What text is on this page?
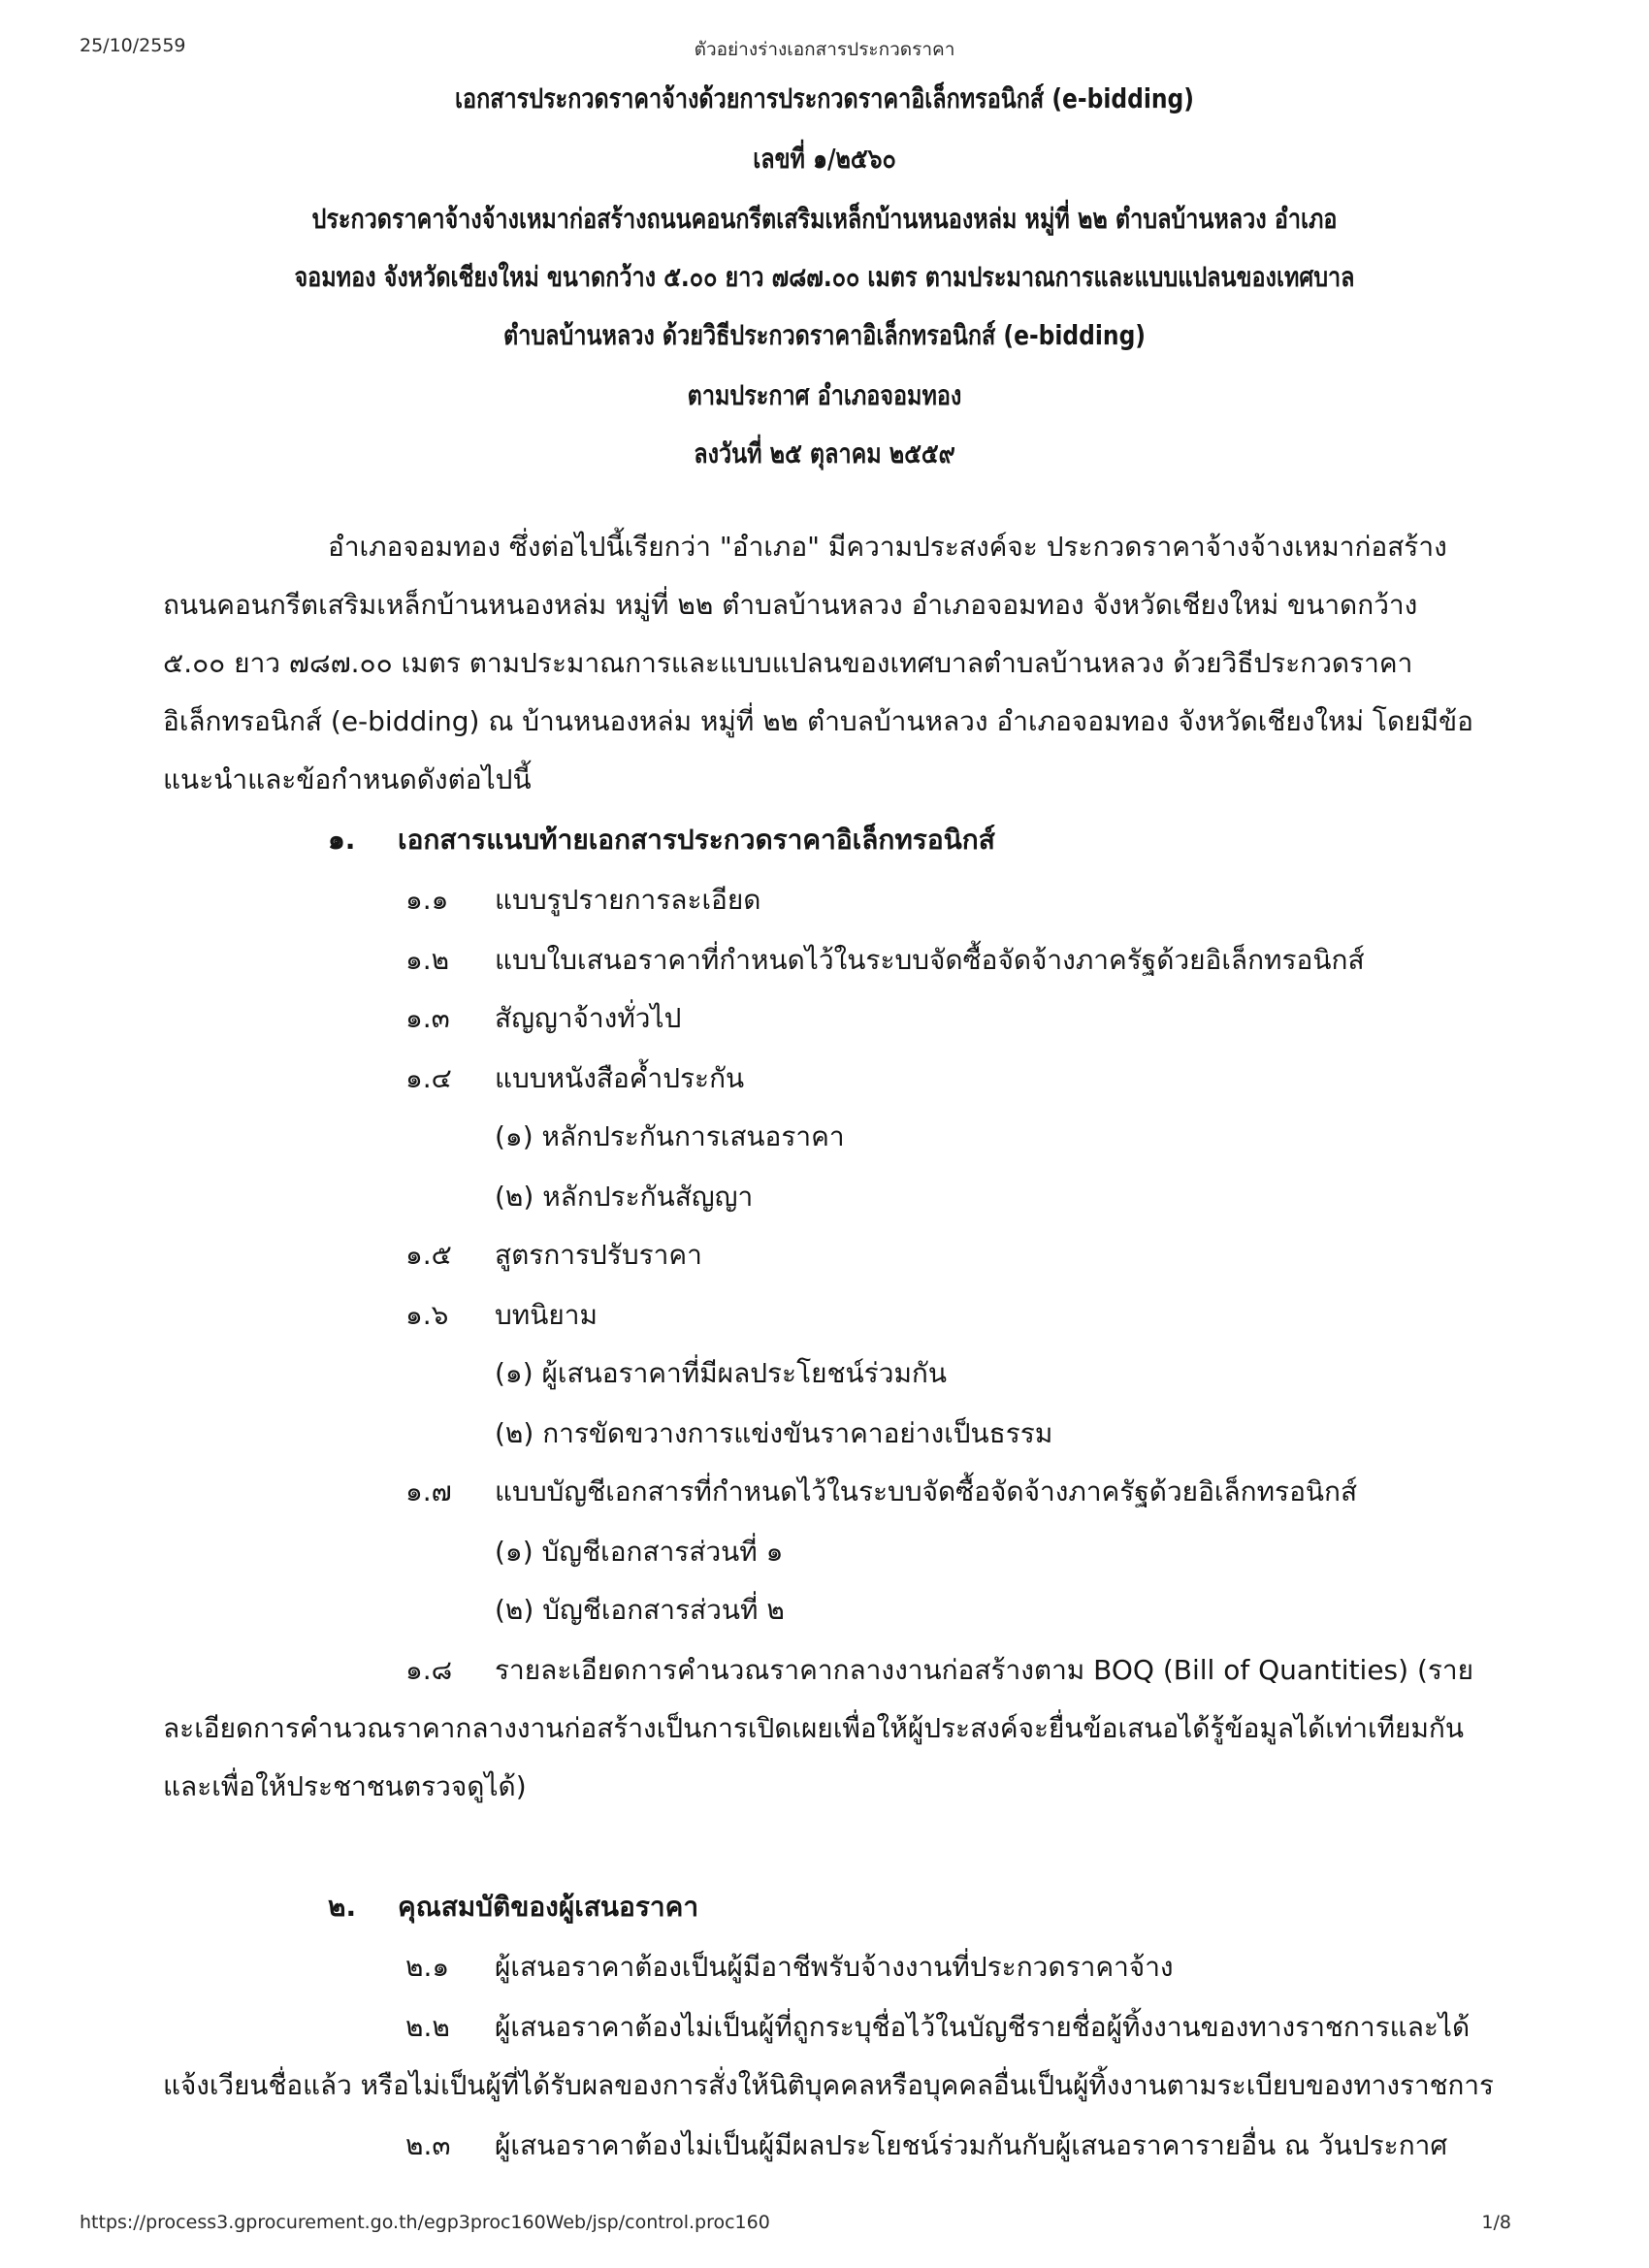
25/10/2559	ตัวอย่างร่างเอกสารประกวดราคา
เอกสารประกวดราคาจ้างด้วยการประกวดราคาอิเล็กทรอนิกส์ (e-bidding)
เลขที่ ๑/๒๕๖๐
ประกวดราคาจ้างจ้างเหมาก่อสร้างถนนคอนกรีตเสริมเหล็กบ้านหนองหล่ม หมู่ที่ ๒๒ ตำบลบ้านหลวง อำเภอ
จอมทอง จังหวัดเชียงใหม่ ขนาดกว้าง ๕.๐๐ ยาว ๗๘๗.๐๐ เมตร ตามประมาณการและแบบแปลนของเทศบาล
ตำบลบ้านหลวง ด้วยวิธีประกวดราคาอิเล็กทรอนิกส์ (e-bidding)
ตามประกาศ อำเภอจอมทอง
ลงวันที่ ๒๕ ตุลาคม ๒๕๕๙
อำเภอจอมทอง ซึ่งต่อไปนี้เรียกว่า "อำเภอ" มีความประสงค์จะ ประกวดราคาจ้างจ้างเหมาก่อสร้าง
ถนนคอนกรีตเสริมเหล็กบ้านหนองหล่ม หมู่ที่ ๒๒ ตำบลบ้านหลวง อำเภอจอมทอง จังหวัดเชียงใหม่ ขนาดกว้าง
๕.๐๐ ยาว ๗๘๗.๐๐ เมตร ตามประมาณการและแบบแปลนของเทศบาลตำบลบ้านหลวง ด้วยวิธีประกวดราคา
อิเล็กทรอนิกส์ (e-bidding) ณ บ้านหนองหล่ม หมู่ที่ ๒๒ ตำบลบ้านหลวง อำเภอจอมทอง จังหวัดเชียงใหม่ โดยมีข้อ
แนะนำและข้อกำหนดดังต่อไปนี้
๑. เอกสารแนบท้ายเอกสารประกวดราคาอิเล็กทรอนิกส์
๑.๑ แบบรูปรายการละเอียด
๑.๒ แบบใบเสนอราคาที่กำหนดไว้ในระบบจัดซื้อจัดจ้างภาครัฐด้วยอิเล็กทรอนิกส์
๑.๓ สัญญาจ้างทั่วไป
๑.๔ แบบหนังสือค้ำประกัน
(๑) หลักประกันการเสนอราคา
(๒) หลักประกันสัญญา
๑.๕ สูตรการปรับราคา
๑.๖ บทนิยาม
(๑) ผู้เสนอราคาที่มีผลประโยชน์ร่วมกัน
(๒) การขัดขวางการแข่งขันราคาอย่างเป็นธรรม
๑.๗ แบบบัญชีเอกสารที่กำหนดไว้ในระบบจัดซื้อจัดจ้างภาครัฐด้วยอิเล็กทรอนิกส์
(๑) บัญชีเอกสารส่วนที่ ๑
(๒) บัญชีเอกสารส่วนที่ ๒
๑.๘ รายละเอียดการคำนวณราคากลางงานก่อสร้างตาม BOQ (Bill of Quantities) (ราย
ละเอียดการคำนวณราคากลางงานก่อสร้างเป็นการเปิดเผยเพื่อให้ผู้ประสงค์จะยื่นข้อเสนอได้รู้ข้อมูลได้เท่าเทียมกัน
และเพื่อให้ประชาชนตรวจดูได้)
๒. คุณสมบัติของผู้เสนอราคา
๒.๑ ผู้เสนอราคาต้องเป็นผู้มีอาชีพรับจ้างงานที่ประกวดราคาจ้าง
๒.๒ ผู้เสนอราคาต้องไม่เป็นผู้ที่ถูกระบุชื่อไว้ในบัญชีรายชื่อผู้ทิ้งงานของทางราชการและได้
แจ้งเวียนชื่อแล้ว หรือไม่เป็นผู้ที่ได้รับผลของการสั่งให้นิติบุคคลหรือบุคคลอื่นเป็นผู้ทิ้งงานตามระเบียบของทางราชการ
๒.๓ ผู้เสนอราคาต้องไม่เป็นผู้มีผลประโยชน์ร่วมกันกับผู้เสนอราคารายอื่น ณ วันประกาศ
https://process3.gprocurement.go.th/egp3proc160Web/jsp/control.proc160	1/8
